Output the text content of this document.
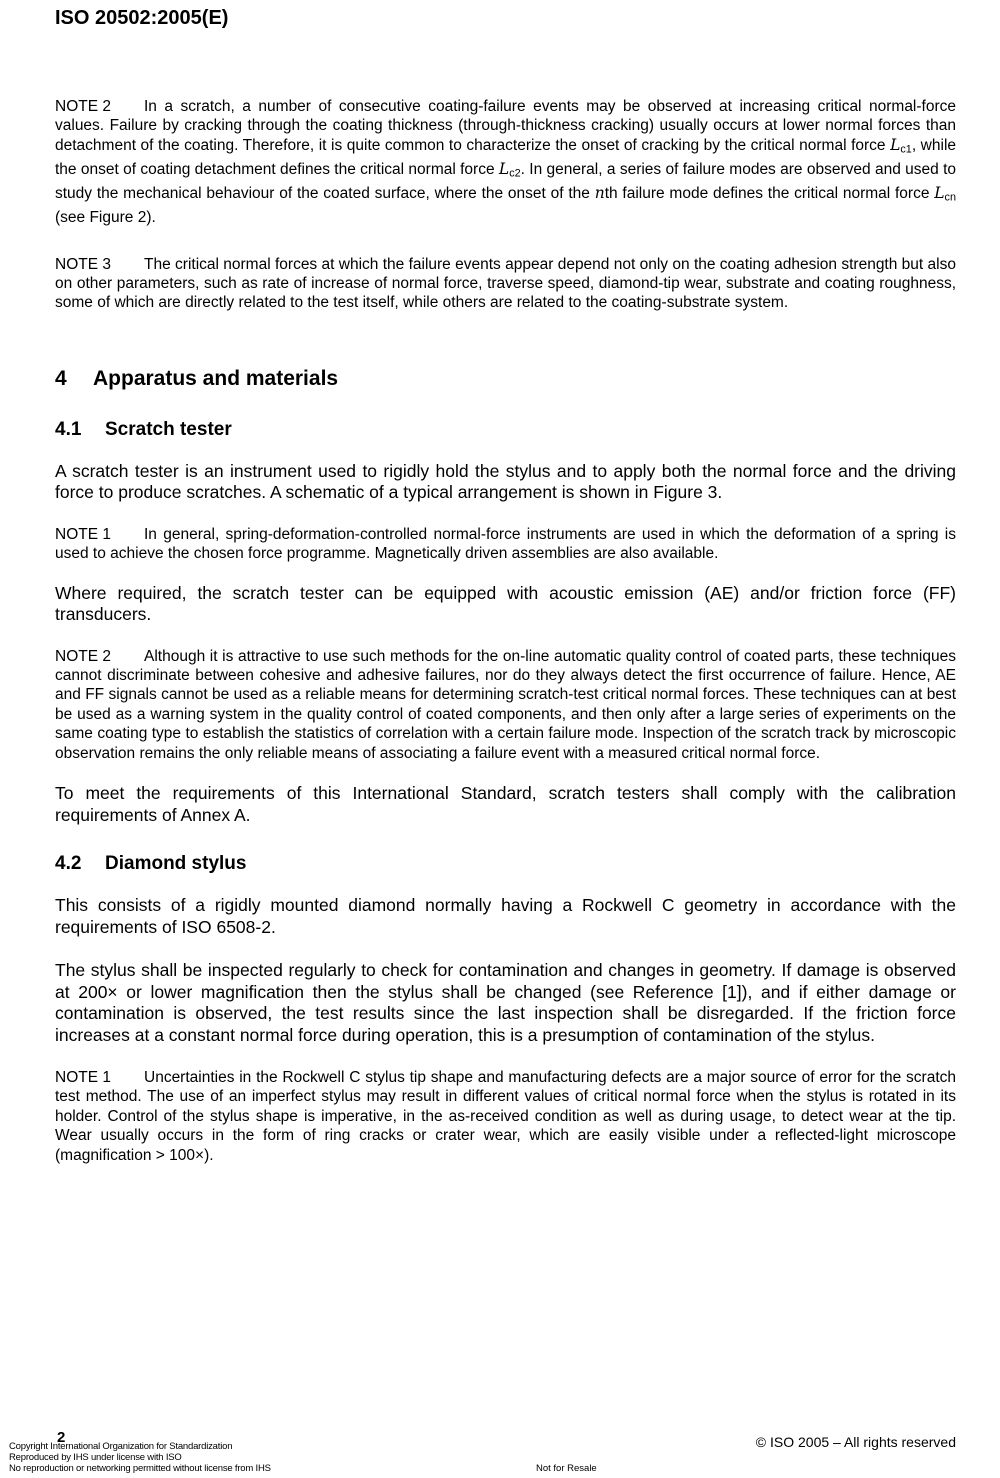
ISO 20502:2005(E)

NOTE 2 In a scratch, a number of consecutive coating-failure events may be observed at increasing critical normal-force values. Failure by cracking through the coating thickness (through-thickness cracking) usually occurs at lower normal forces than detachment of the coating. Therefore, it is quite common to characterize the onset of cracking by the critical normal force $L_{c1}$, while the onset of coating detachment defines the critical normal force $L_{c2}$. In general, a series of failure modes are observed and used to study the mechanical behaviour of the coated surface, where the onset of the nth failure mode defines the critical normal force $L_{cn}$ (see Figure 2).

NOTE 3 The critical normal forces at which the failure events appear depend not only on the coating adhesion strength but also on other parameters, such as rate of increase of normal force, traverse speed, diamond-tip wear, substrate and coating roughness, some of which are directly related to the test itself, while others are related to the coating-substrate system.

4 Apparatus and materials
4.1 Scratch tester

A scratch tester is an instrument used to rigidly hold the stylus and to apply both the normal force and the driving force to produce scratches. A schematic of a typical arrangement is shown in Figure 3.

NOTE 1 In general, spring-deformation-controlled normal-force instruments are used in which the deformation of a spring is used to achieve the chosen force programme. Magnetically driven assemblies are also available.

Where required, the scratch tester can be equipped with acoustic emission (AE) and/or friction force (FF) transducers.

NOTE 2 Although it is attractive to use such methods for the on-line automatic quality control of coated parts, these techniques cannot discriminate between cohesive and adhesive failures, nor do they always detect the first occurrence of failure. Hence, AE and FF signals cannot be used as a reliable means for determining scratch-test critical normal forces. These techniques can at best be used as a warning system in the quality control of coated components, and then only after a large series of experiments on the same coating type to establish the statistics of correlation with a certain failure mode. Inspection of the scratch track by microscopic observation remains the only reliable means of associating a failure event with a measured critical normal force.

To meet the requirements of this International Standard, scratch testers shall comply with the calibration requirements of Annex A.

4.2 Diamond stylus

This consists of a rigidly mounted diamond normally having a Rockwell C geometry in accordance with the requirements of ISO 6508-2.

The stylus shall be inspected regularly to check for contamination and changes in geometry. If damage is observed at 200× or lower magnification then the stylus shall be changed (see Reference [1]), and if either damage or contamination is observed, the test results since the last inspection shall be disregarded. If the friction force increases at a constant normal force during operation, this is a presumption of contamination of the stylus.

NOTE 1 Uncertainties in the Rockwell C stylus tip shape and manufacturing defects are a major source of error for the scratch test method. The use of an imperfect stylus may result in different values of critical normal force when the stylus is rotated in its holder. Control of the stylus shape is imperative, in the as-received condition as well as during usage, to detect wear at the tip. Wear usually occurs in the form of ring cracks or crater wear, which are easily visible under a reflected-light microscope (magnification > 100×).

2
Copyright International Organization for Standardization
Reproduced by IHS under license with ISO
No reproduction or networking permitted without license from IHS
© ISO 2005 – All rights reserved
Not for Resale
